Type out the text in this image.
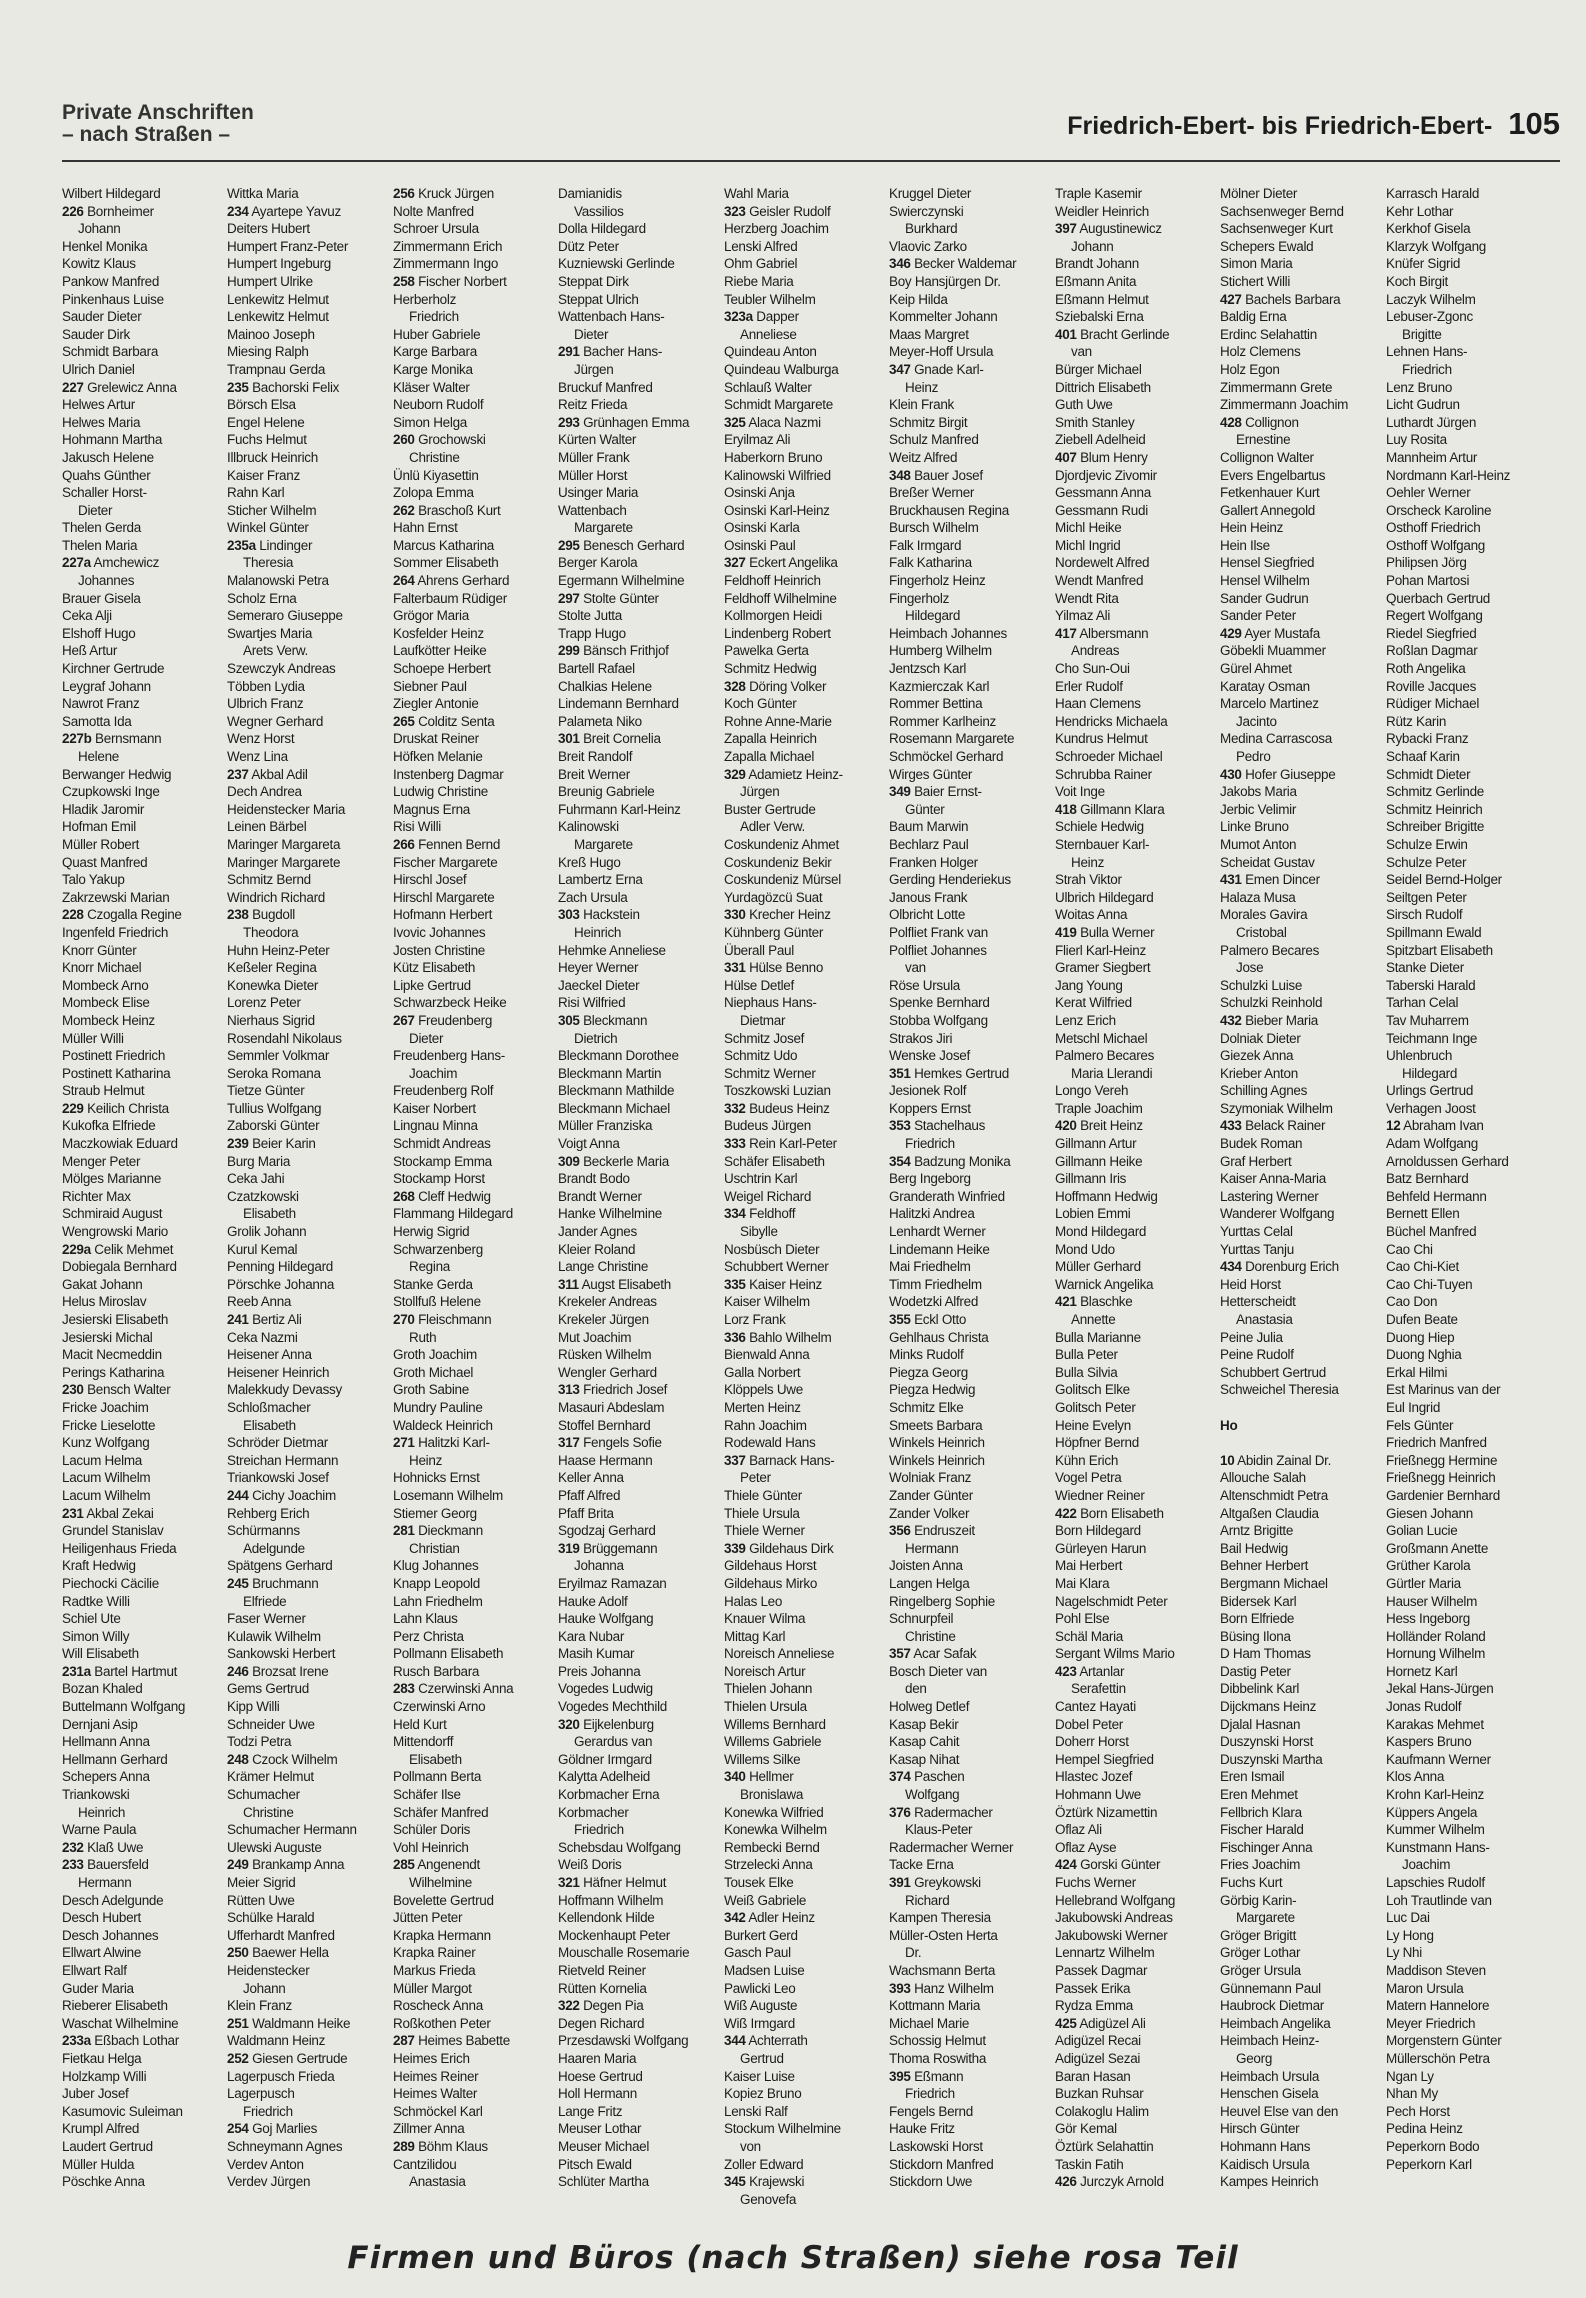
Private Anschriften
– nach Straßen –	Friedrich-Ebert- bis Friedrich-Ebert- 105
Wilbert Hildegard
226 Bornheimer
Johann
Henkel Monika
Kowitz Klaus
Pankow Manfred
Pinkenhaus Luise
Sauder Dieter
Sauder Dirk
Schmidt Barbara
Ulrich Daniel
227 Grelewicz Anna
Helwes Artur
Helwes Maria
Hohmann Martha
Jakusch Helene
Quahs Günther
Schaller Horst-
Dieter
Thelen Gerda
Thelen Maria
227a Amchewicz
Johannes
Brauer Gisela
Ceka Alji
Elshoff Hugo
Heß Artur
Kirchner Gertrude
Leygraf Johann
Nawrot Franz
Samotta Ida
227b Bernsmann
Helene
Berwanger Hedwig
Czupkowski Inge
Hladik Jaromir
Hofman Emil
Müller Robert
Quast Manfred
Talo Yakup
Zakrzewski Marian
228 Czogalla Regine
Ingenfeld Friedrich
Knorr Günter
Knorr Michael
Mombeck Arno
Mombeck Elise
Mombeck Heinz
Müller Willi
Postinett Friedrich
Postinett Katharina
Straub Helmut
229 Keilich Christa
Kukofka Elfriede
Maczkowiak Eduard
Menger Peter
Mölges Marianne
Richter Max
Schmiraid August
Wengrowski Mario
229a Celik Mehmet
Dobiegala Bernhard
Gakat Johann
Helus Miroslav
Jesierski Elisabeth
Jesierski Michal
Macit Necmeddin
Perings Katharina
230 Bensch Walter
Fricke Joachim
Fricke Lieselotte
Kunz Wolfgang
Lacum Helma
Lacum Wilhelm
Lacum Wilhelm
231 Akbal Zekai
Grundel Stanislav
Heiligenhaus Frieda
Kraft Hedwig
Piechocki Cäcilie
Radtke Willi
Schiel Ute
Simon Willy
Will Elisabeth
231a Bartel Hartmut
Bozan Khaled
Buttelmann Wolfgang
Dernjani Asip
Hellmann Anna
Hellmann Gerhard
Schepers Anna
Triankowski
Heinrich
Warne Paula
232 Klaß Uwe
233 Bauersfeld
Hermann
Desch Adelgunde
Desch Hubert
Desch Johannes
Ellwart Alwine
Ellwart Ralf
Guder Maria
Rieberer Elisabeth
Waschat Wilhelmine
233a Eßbach Lothar
Fietkau Helga
Holzkamp Willi
Juber Josef
Kasumovic Suleiman
Krumpl Alfred
Laudert Gertrud
Müller Hulda
Pöschke Anna
Wittka Maria
234 Ayartepe Yavuz
Deiters Hubert
Humpert Franz-Peter
Humpert Ingeburg
Humpert Ulrike
Lenkewitz Helmut
Lenkewitz Helmut
Mainoo Joseph
Miesing Ralph
Trampnau Gerda
235 Bachorski Felix
Börsch Elsa
Engel Helene
Fuchs Helmut
Illbruck Heinrich
Kaiser Franz
Rahn Karl
Sticher Wilhelm
Winkel Günter
235a Lindinger
Theresia
Malanowski Petra
Scholz Erna
Semeraro Giuseppe
Swartjes Maria
Arets Verw.
Szewczyk Andreas
Többen Lydia
Ulbrich Franz
Wegner Gerhard
Wenz Horst
Wenz Lina
237 Akbal Adil
Dech Andrea
Heidenstecker Maria
Leinen Bärbel
Maringer Margareta
Maringer Margarete
Schmitz Bernd
Windrich Richard
238 Bugdoll
Theodora
Huhn Heinz-Peter
Keßeler Regina
Konewka Dieter
Lorenz Peter
Nierhaus Sigrid
Rosendahl Nikolaus
Semmler Volkmar
Seroka Romana
Tietze Günter
Tullius Wolfgang
Zaborski Günter
239 Beier Karin
Burg Maria
Ceka Jahi
Czatzkowski
Elisabeth
Grolik Johann
Kurul Kemal
Penning Hildegard
Pörschke Johanna
Reeb Anna
241 Bertiz Ali
Ceka Nazmi
Heisener Anna
Heisener Heinrich
Malekkudy Devassy
Schloßmacher
Elisabeth
Schröder Dietmar
Streichan Hermann
Triankowski Josef
244 Cichy Joachim
Rehberg Erich
Schürmanns
Adelgunde
Spätgens Gerhard
245 Bruchmann
Elfriede
Faser Werner
Kulawik Wilhelm
Sankowski Herbert
246 Brozsat Irene
Gems Gertrud
Kipp Willi
Schneider Uwe
Todzi Petra
248 Czock Wilhelm
Krämer Helmut
Schumacher
Christine
Schumacher Hermann
Ulewski Auguste
249 Brankamp Anna
Meier Sigrid
Rütten Uwe
Schülke Harald
Ufferhardt Manfred
250 Baewer Hella
Heidenstecker
Johann
Klein Franz
251 Waldmann Heike
Waldmann Heinz
252 Giesen Gertrude
Lagerpusch Frieda
Lagerpusch
Friedrich
254 Goj Marlies
Schneymann Agnes
Verdev Anton
Verdev Jürgen
256 Kruck Jürgen
Nolte Manfred
Schroer Ursula
Zimmermann Erich
Zimmermann Ingo
258 Fischer Norbert
Herberholz
Friedrich
Huber Gabriele
Karge Barbara
Karge Monika
Kläser Walter
Neuborn Rudolf
Simon Helga
260 Grochowski
Christine
Ünlü Kiyasettin
Zolopa Emma
262 Braschoß Kurt
Hahn Ernst
Marcus Katharina
Sommer Elisabeth
264 Ahrens Gerhard
Falterbaum Rüdiger
Grögor Maria
Kosfelder Heinz
Laufkötter Heike
Schoepe Herbert
Siebner Paul
Ziegler Antonie
265 Colditz Senta
Druskat Reiner
Höfken Melanie
Instenberg Dagmar
Ludwig Christine
Magnus Erna
Risi Willi
266 Fennen Bernd
Fischer Margarete
Hirschl Josef
Hirschl Margarete
Hofmann Herbert
Ivovic Johannes
Josten Christine
Kütz Elisabeth
Lipke Gertrud
Schwarzbeck Heike
267 Freudenberg
Dieter
Freudenberg Hans-
Joachim
Freudenberg Rolf
Kaiser Norbert
Lingnau Minna
Schmidt Andreas
Stockamp Emma
Stockamp Horst
268 Cleff Hedwig
Flammang Hildegard
Herwig Sigrid
Schwarzenberg
Regina
Stanke Gerda
Stollfuß Helene
270 Fleischmann
Ruth
Groth Joachim
Groth Michael
Groth Sabine
Mundry Pauline
Waldeck Heinrich
271 Halitzki Karl-
Heinz
Hohnicks Ernst
Losemann Wilhelm
Stiemer Georg
281 Dieckmann
Christian
Klug Johannes
Knapp Leopold
Lahn Friedhelm
Lahn Klaus
Perz Christa
Pollmann Elisabeth
Rusch Barbara
283 Czerwinski Anna
Czerwinski Arno
Held Kurt
Mittendorff
Elisabeth
Pollmann Berta
Schäfer Ilse
Schäfer Manfred
Schüler Doris
Vohl Heinrich
285 Angenendt
Wilhelmine
Bovelette Gertrud
Jütten Peter
Krapka Hermann
Krapka Rainer
Markus Frieda
Müller Margot
Roscheck Anna
Roßkothen Peter
287 Heimes Babette
Heimes Erich
Heimes Reiner
Heimes Walter
Schmöckel Karl
Zillmer Anna
289 Böhm Klaus
Cantzilidou
Anastasia
Damianidis
Vassilios
Dolla Hildegard
Dütz Peter
Kuzniewski Gerlinde
Steppat Dirk
Steppat Ulrich
Wattenbach Hans-
Dieter
291 Bacher Hans-
Jürgen
Bruckuf Manfred
Reitz Frieda
293 Grünhagen Emma
Kürten Walter
Müller Frank
Müller Horst
Usinger Maria
Wattenbach
Margarete
295 Benesch Gerhard
Berger Karola
Egermann Wilhelmine
297 Stolte Günter
Stolte Jutta
Trapp Hugo
299 Bänsch Frithjof
Bartell Rafael
Chalkias Helene
Lindemann Bernhard
Palameta Niko
301 Breit Cornelia
Breit Randolf
Breit Werner
Breunig Gabriele
Fuhrmann Karl-Heinz
Kalinowski
Margarete
Kreß Hugo
Lambertz Erna
Zach Ursula
303 Hackstein
Heinrich
Hehmke Anneliese
Heyer Werner
Jaeckel Dieter
Risi Wilfried
305 Bleckmann
Dietrich
Bleckmann Dorothee
Bleckmann Martin
Bleckmann Mathilde
Bleckmann Michael
Müller Franziska
Voigt Anna
309 Beckerle Maria
Brandt Bodo
Brandt Werner
Hanke Wilhelmine
Jander Agnes
Kleier Roland
Lange Christine
311 Augst Elisabeth
Krekeler Andreas
Krekeler Jürgen
Mut Joachim
Rüsken Wilhelm
Wengler Gerhard
313 Friedrich Josef
Masauri Abdeslam
Stoffel Bernhard
317 Fengels Sofie
Haase Hermann
Keller Anna
Pfaff Alfred
Pfaff Brita
Sgodzaj Gerhard
319 Brüggemann
Johanna
Eryilmaz Ramazan
Hauke Adolf
Hauke Wolfgang
Kara Nubar
Masih Kumar
Preis Johanna
Vogedes Ludwig
Vogedes Mechthild
320 Eijkelenburg
Gerardus van
Göldner Irmgard
Kalytta Adelheid
Korbmacher Erna
Korbmacher
Friedrich
Schebsdau Wolfgang
Weiß Doris
321 Häfner Helmut
Hoffmann Wilhelm
Kellendonk Hilde
Mockenhaupt Peter
Mouschalle Rosemarie
Rietveld Reiner
Rütten Kornelia
322 Degen Pia
Degen Richard
Przesdawski Wolfgang
Haaren Maria
Hoese Gertrud
Holl Hermann
Lange Fritz
Meuser Lothar
Meuser Michael
Pitsch Ewald
Schlüter Martha
Wahl Maria
323 Geisler Rudolf
Herzberg Joachim
Lenski Alfred
Ohm Gabriel
Riebe Maria
Teubler Wilhelm
323a Dapper
Anneliese
Quindeau Anton
Quindeau Walburga
Schlauß Walter
Schmidt Margarete
325 Alaca Nazmi
Eryilmaz Ali
Haberkorn Bruno
Kalinowski Wilfried
Osinski Anja
Osinski Karl-Heinz
Osinski Karla
Osinski Paul
327 Eckert Angelika
Feldhoff Heinrich
Feldhoff Wilhelmine
Kollmorgen Heidi
Lindenberg Robert
Pawelka Gerta
Schmitz Hedwig
328 Döring Volker
Koch Günter
Rohne Anne-Marie
Zapalla Heinrich
Zapalla Michael
329 Adamietz Heinz-
Jürgen
Buster Gertrude
Adler Verw.
Coskundeniz Ahmet
Coskundeniz Bekir
Coskundeniz Mürsel
Yurdagözcü Suat
330 Krecher Heinz
Kühnberg Günter
Überall Paul
331 Hülse Benno
Hülse Detlef
Niephaus Hans-
Dietmar
Schmitz Josef
Schmitz Udo
Schmitz Werner
Toszkowski Luzian
332 Budeus Heinz
Budeus Jürgen
333 Rein Karl-Peter
Schäfer Elisabeth
Uschtrin Karl
Weigel Richard
334 Feldhoff
Sibylle
Nosbüsch Dieter
Schubbert Werner
335 Kaiser Heinz
Kaiser Wilhelm
Lorz Frank
336 Bahlo Wilhelm
Bienwald Anna
Galla Norbert
Klöppels Uwe
Merten Heinz
Rahn Joachim
Rodewald Hans
337 Barnack Hans-
Peter
Thiele Günter
Thiele Ursula
Thiele Werner
339 Gildehaus Dirk
Gildehaus Horst
Gildehaus Mirko
Halas Leo
Knauer Wilma
Mittag Karl
Noreisch Anneliese
Noreisch Artur
Thielen Johann
Thielen Ursula
Willems Bernhard
Willems Gabriele
Willems Silke
340 Hellmer
Bronislawa
Konewka Wilfried
Konewka Wilhelm
Rembecki Bernd
Strzelecki Anna
Tousek Elke
Weiß Gabriele
342 Adler Heinz
Burkert Gerd
Gasch Paul
Madsen Luise
Pawlicki Leo
Wiß Auguste
Wiß Irmgard
344 Achterrath
Gertrud
Kaiser Luise
Kopiez Bruno
Lenski Ralf
Stockum Wilhelmine
von
Zoller Edward
345 Krajewski
Genovefa
Kruggel Dieter
Swierczynski
Burkhard
Vlaovic Zarko
346 Becker Waldemar
Boy Hansjürgen Dr.
Keip Hilda
Kommelter Johann
Maas Margret
Meyer-Hoff Ursula
347 Gnade Karl-
Heinz
Klein Frank
Schmitz Birgit
Schulz Manfred
Weitz Alfred
348 Bauer Josef
Breßer Werner
Bruckhausen Regina
Bursch Wilhelm
Falk Irmgard
Falk Katharina
Fingerholz Heinz
Fingerholz
Hildegard
Heimbach Johannes
Humberg Wilhelm
Jentzsch Karl
Kazmierczak Karl
Rommer Bettina
Rommer Karlheinz
Rosemann Margarete
Schmöckel Gerhard
Wirges Günter
349 Baier Ernst-
Günter
Baum Marwin
Bechlarz Paul
Franken Holger
Gerding Henderiekus
Janous Frank
Olbricht Lotte
Polfliet Frank van
Polfliet Johannes
van
Röse Ursula
Spenke Bernhard
Stobba Wolfgang
Strakos Jiri
Wenske Josef
351 Hemkes Gertrud
Jesionek Rolf
Koppers Ernst
353 Stachelhaus
Friedrich
354 Badzung Monika
Berg Ingeborg
Granderath Winfried
Halitzki Andrea
Lenhardt Werner
Lindemann Heike
Mai Friedhelm
Timm Friedhelm
Wodetzki Alfred
355 Eckl Otto
Gehlhaus Christa
Minks Rudolf
Piegza Georg
Piegza Hedwig
Schmitz Elke
Smeets Barbara
Winkels Heinrich
Winkels Heinrich
Wolniak Franz
Zander Günter
Zander Volker
356 Endruszeit
Hermann
Joisten Anna
Langen Helga
Ringelberg Sophie
Schnurpfeil
Christine
357 Acar Safak
Bosch Dieter van
den
Holweg Detlef
Kasap Bekir
Kasap Cahit
Kasap Nihat
374 Paschen
Wolfgang
376 Radermacher
Klaus-Peter
Radermacher Werner
Tacke Erna
391 Greykowski
Richard
Kampen Theresia
Müller-Osten Herta
Dr.
Wachsmann Berta
393 Hanz Wilhelm
Kottmann Maria
Michael Marie
Schossig Helmut
Thoma Roswitha
395 Eßmann
Friedrich
Fengels Bernd
Hauke Fritz
Laskowski Horst
Stickdorn Manfred
Stickdorn Uwe
Traple Kasemir
Weidler Heinrich
397 Augustinewicz
Johann
Brandt Johann
Eßmann Anita
Eßmann Helmut
Sziebalski Erna
401 Bracht Gerlinde
van
Bürger Michael
Dittrich Elisabeth
Guth Uwe
Smith Stanley
Ziebell Adelheid
407 Blum Henry
Djordjevic Zivomir
Gessmann Anna
Gessmann Rudi
Michl Heike
Michl Ingrid
Nordewelt Alfred
Wendt Manfred
Wendt Rita
Yilmaz Ali
417 Albersmann
Andreas
Cho Sun-Oui
Erler Rudolf
Haan Clemens
Hendricks Michaela
Kundrus Helmut
Schroeder Michael
Schrubba Rainer
Voit Inge
418 Gillmann Klara
Schiele Hedwig
Sternbauer Karl-
Heinz
Strah Viktor
Ulbrich Hildegard
Woitas Anna
419 Bulla Werner
Flierl Karl-Heinz
Gramer Siegbert
Jang Young
Kerat Wilfried
Lenz Erich
Metschl Michael
Palmero Becares
Maria Llerandi
Longo Vereh
Traple Joachim
420 Breit Heinz
Gillmann Artur
Gillmann Heike
Gillmann Iris
Hoffmann Hedwig
Lobien Emmi
Mond Hildegard
Mond Udo
Müller Gerhard
Warnick Angelika
421 Blaschke
Annette
Bulla Marianne
Bulla Peter
Bulla Silvia
Golitsch Elke
Golitsch Peter
Heine Evelyn
Höpfner Bernd
Kühn Erich
Vogel Petra
Wiedner Reiner
422 Born Elisabeth
Born Hildegard
Gürleyen Harun
Mai Herbert
Mai Klara
Nagelschmidt Peter
Pohl Else
Schäl Maria
Sergant Wilms Mario
423 Artanlar
Serafettin
Cantez Hayati
Dobel Peter
Doherr Horst
Hempel Siegfried
Hlastec Jozef
Hohmann Uwe
Öztürk Nizamettin
Oflaz Ali
Oflaz Ayse
424 Gorski Günter
Fuchs Werner
Hellebrand Wolfgang
Jakubowski Andreas
Jakubowski Werner
Lennartz Wilhelm
Passek Dagmar
Passek Erika
Rydza Emma
425 Adigüzel Ali
Adigüzel Recai
Adigüzel Sezai
Baran Hasan
Buzkan Ruhsar
Colakoglu Halim
Gör Kemal
Öztürk Selahattin
Taskin Fatih
426 Jurczyk Arnold
Mölner Dieter
Sachsenweger Bernd
Sachsenweger Kurt
Schepers Ewald
Simon Maria
Stichert Willi
427 Bachels Barbara
Baldig Erna
Erdinc Selahattin
Holz Clemens
Holz Egon
Zimmermann Grete
Zimmermann Joachim
428 Collignon
Ernestine
Collignon Walter
Evers Engelbartus
Fetkenhauer Kurt
Gallert Annegold
Hein Heinz
Hein Ilse
Hensel Siegfried
Hensel Wilhelm
Sander Gudrun
Sander Peter
429 Ayer Mustafa
Göbekli Muammer
Gürel Ahmet
Karatay Osman
Marcelo Martinez
Jacinto
Medina Carrascosa
Pedro
430 Hofer Giuseppe
Jakobs Maria
Jerbic Velimir
Linke Bruno
Mumot Anton
Scheidat Gustav
431 Emen Dincer
Halaza Musa
Morales Gavira
Cristobal
Palmero Becares
Jose
Schulzki Luise
Schulzki Reinhold
432 Bieber Maria
Dolniak Dieter
Giezek Anna
Krieber Anton
Schilling Agnes
Szymoniak Wilhelm
433 Belack Rainer
Budek Roman
Graf Herbert
Kaiser Anna-Maria
Lastering Werner
Wanderer Wolfgang
Yurttas Celal
Yurttas Tanju
434 Dorenburg Erich
Heid Horst
Hetterscheidt
Anastasia
Peine Julia
Peine Rudolf
Schubbert Gertrud
Schweichel Theresia

Ho

10 Abidin Zainal Dr.
Allouche Salah
Altenschmidt Petra
Altgaßen Claudia
Arntz Brigitte
Bail Hedwig
Behner Herbert
Bergmann Michael
Bidersek Karl
Born Elfriede
Büsing Ilona
D Ham Thomas
Dastig Peter
Dibbelink Karl
Dijckmans Heinz
Djalal Hasnan
Duszynski Horst
Duszynski Martha
Eren Ismail
Eren Mehmet
Fellbrich Klara
Fischer Harald
Fischinger Anna
Fries Joachim
Fuchs Kurt
Görbig Karin-
Margarete
Gröger Brigitt
Gröger Lothar
Gröger Ursula
Günnemann Paul
Haubrock Dietmar
Heimbach Angelika
Heimbach Heinz-
Georg
Heimbach Ursula
Henschen Gisela
Heuvel Else van den
Hirsch Günter
Hohmann Hans
Kaidisch Ursula
Kampes Heinrich
Karrasch Harald
Kehr Lothar
Kerkhof Gisela
Klarzyk Wolfgang
Knüfer Sigrid
Koch Birgit
Laczyk Wilhelm
Lebuser-Zgonc
Brigitte
Lehnen Hans-
Friedrich
Lenz Bruno
Licht Gudrun
Luthardt Jürgen
Luy Rosita
Mannheim Artur
Nordmann Karl-Heinz
Oehler Werner
Orscheck Karoline
Osthoff Friedrich
Osthoff Wolfgang
Philipsen Jörg
Pohan Martosi
Querbach Gertrud
Regert Wolfgang
Riedel Siegfried
Roßlan Dagmar
Roth Angelika
Roville Jacques
Rüdiger Michael
Rütz Karin
Rybacki Franz
Schaaf Karin
Schmidt Dieter
Schmitz Gerlinde
Schmitz Heinrich
Schreiber Brigitte
Schulze Erwin
Schulze Peter
Seidel Bernd-Holger
Seiltgen Peter
Sirsch Rudolf
Spillmann Ewald
Spitzbart Elisabeth
Stanke Dieter
Taberski Harald
Tarhan Celal
Tav Muharrem
Teichmann Inge
Uhlenbruch
Hildegard
Urlings Gertrud
Verhagen Joost
12 Abraham Ivan
Adam Wolfgang
Arnoldussen Gerhard
Batz Bernhard
Behfeld Hermann
Bernett Ellen
Büchel Manfred
Cao Chi
Cao Chi-Kiet
Cao Chi-Tuyen
Cao Don
Dufen Beate
Duong Hiep
Duong Nghia
Erkal Hilmi
Est Marinus van der
Eul Ingrid
Fels Günter
Friedrich Manfred
Frießnegg Hermine
Frießnegg Heinrich
Gardenier Bernhard
Giesen Johann
Golian Lucie
Großmann Anette
Grüther Karola
Gürtler Maria
Hauser Wilhelm
Hess Ingeborg
Holländer Roland
Hornung Wilhelm
Hornetz Karl
Jekal Hans-Jürgen
Jonas Rudolf
Karakas Mehmet
Kaspers Bruno
Kaufmann Werner
Klos Anna
Krohn Karl-Heinz
Küppers Angela
Kummer Wilhelm
Kunstmann Hans-
Joachim
Lapschies Rudolf
Loh Trautlinde van
Luc Dai
Ly Hong
Ly Nhi
Maddison Steven
Maron Ursula
Matern Hannelore
Meyer Friedrich
Morgenstern Günter
Müllerschön Petra
Ngan Ly
Nhan My
Pech Horst
Pedina Heinz
Peperkorn Bodo
Peperkorn Karl
Firmen und Büros (nach Straßen) siehe rosa Teil
